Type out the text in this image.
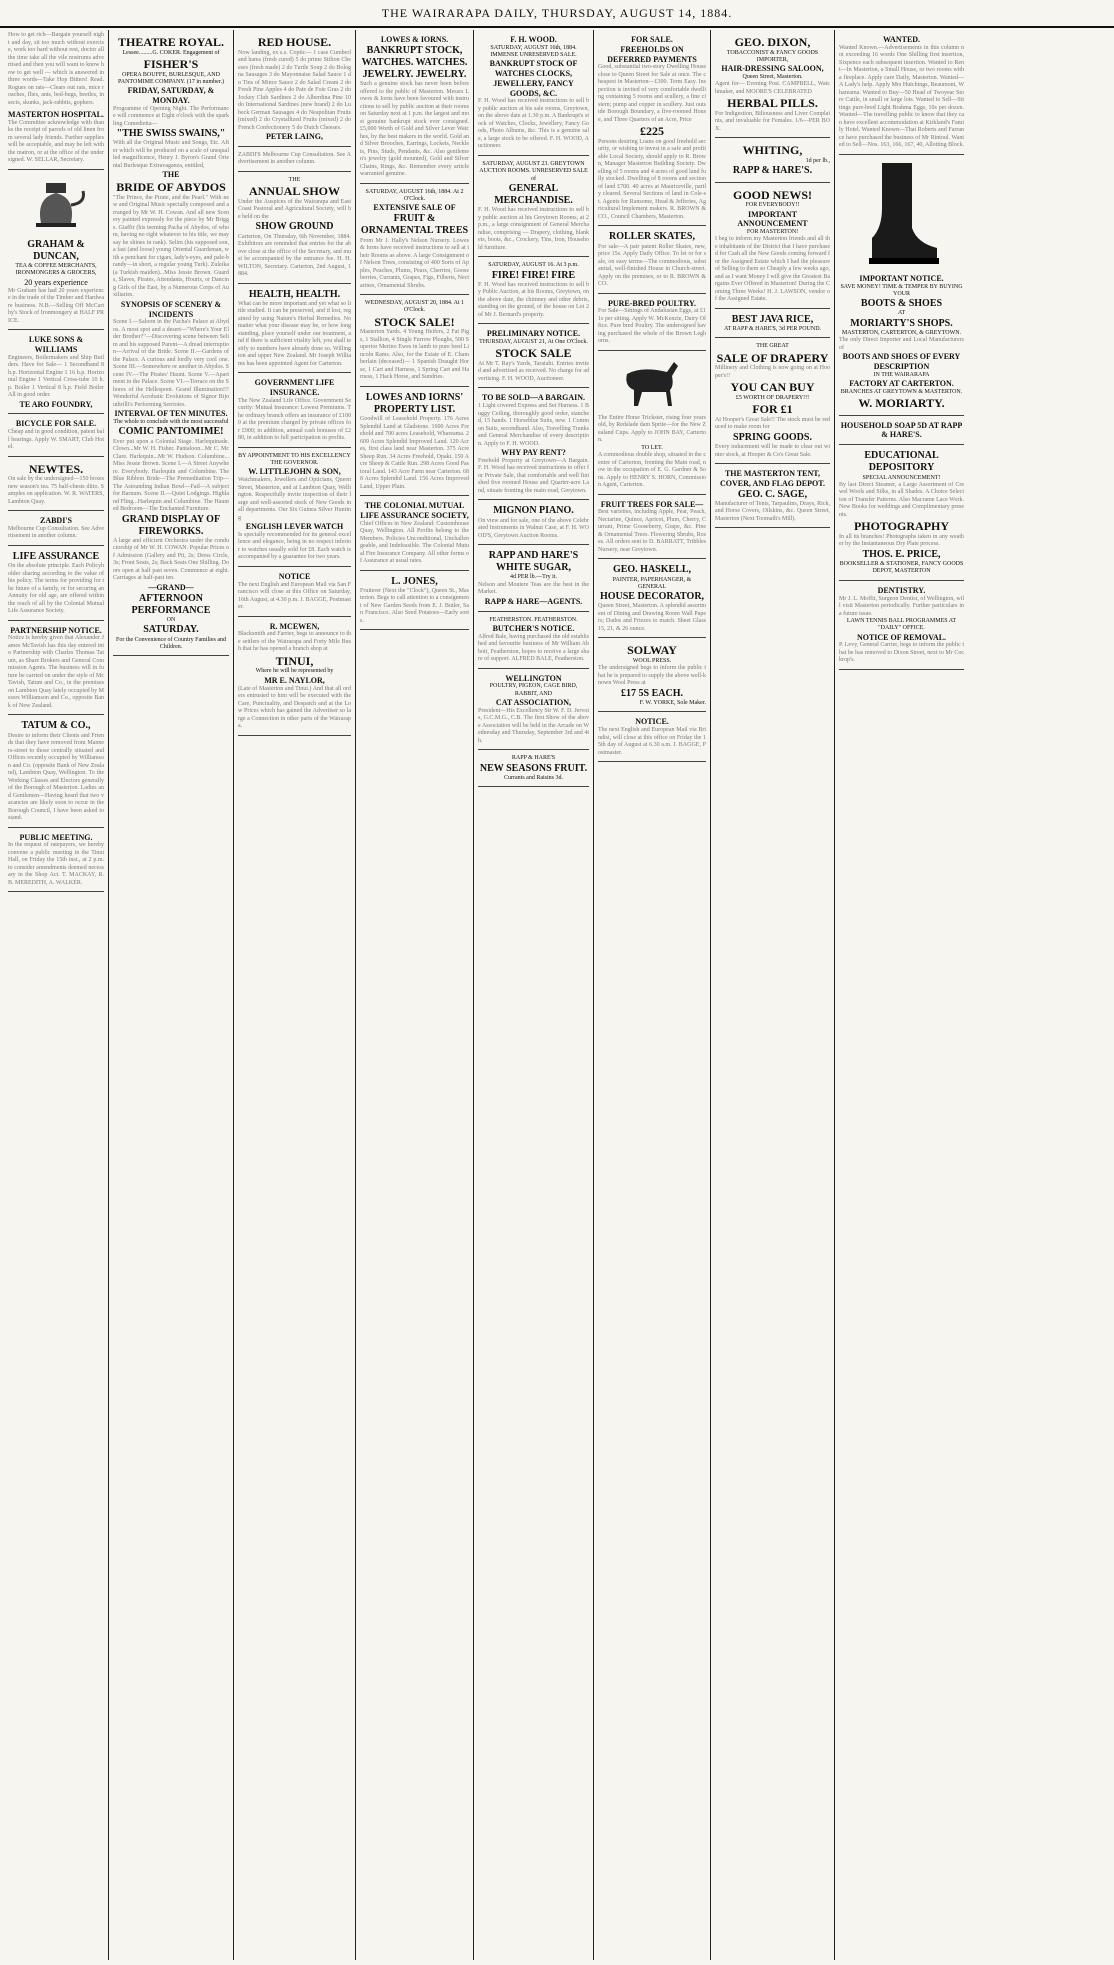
THE WAIRARAPA DAILY, THURSDAY, AUGUST 14, 1884.
How to get rich—Bargain yourself night and day, sit too much without exercise, work too hard without rest, doctor all the time take all the vile nostrums advertised and then you will want to know how to get well — which is answered in three words—Take Hop Bitters! Read. Rogues on rats—Clears out rats, mice roaches, flies, ants, bed-bugs, beetles, insects, skunks, jack-rabbits, gophers.
MASTERTON HOSPITAL.
The Committee acknowledge with thanks the receipt of parcels of old linen from several lady friends. Further supplies will be acceptable, and may be left with the matron, or at the office of the undersigned. W. SELLAR, Secretary.
GRAHAM & DUNCAN,
TEA & COFFEE MERCHANTS, IRONMONGERS & GROCERS,
20 years experience
Mr Graham has had 20 years experience in the trade of the Timber and Hardware business. N.B.—Selling Off McCarthy's Stock of Ironmongery at HALF PRICE.
LUKE SONS & WILLIAMS
Engineers, Boilermakers and Ship Builders. Have for Sale— 1 Secondhand 8 h.p. Horizontal Engine 1 16 h.p. Horizontal Engine 1 Vertical Cross-tube 10 h.p. Boiler 1 Vertical 8 h.p. Field Boiler All in good order.
TE ARO FOUNDRY,
BICYCLE FOR SALE.
Cheap and in good condition, patent ball bearings. Apply W. SMART, Club Hotel.
NEWTES.
On sale by the undersigned—150 boxes new season's tea. 75 half-chests ditto. Samples on application. W. R. WATERS, Lambton Quay.
ZABDI'S
Melbourne Cup Consultation. See Advertisement in another column.
LIFE ASSURANCE
On the absolute principle. Each Policyholder sharing according to the value of his policy. The terms for providing for the future of a family, or for securing an Annuity for old age, are offered within the reach of all by the Colonial Mutual Life Assurance Society.
PARTNERSHIP NOTICE.
Notice is hereby given that Alexander James McTavish has this day entered into Partnership with Charles Thomas Tatum, as Share Brokers and General Commission Agents. The business will in future be carried on under the style of McTavish, Tatum and Co., in the premises on Lambton Quay lately occupied by Messrs Williamson and Co., opposite Bank of New Zealand.
TATUM & CO.,
Desire to inform their Clients and Friends that they have removed from Manners-street to those centrally situated and Offices recently occupied by Williamson and Co. (opposite Bank of New Zealand), Lambton Quay, Wellington. To the Working Classes and Electors generally of the Borough of Masterton. Ladies and Gentlemen—Having heard that two vacancies are likely soon to occur in the Borough Council, I have been asked to stand.
PUBLIC MEETING.
In the request of ratepayers, we hereby convene a public meeting in the Tinui Hall, on Friday the 15th inst., at 2 p.m. to consider amendments deemed necessary in the Shop Act. T. MACKAY, R. B. MEREDITH, A. WALKER.
THEATRE ROYAL.
Lessee.........G. COKER. Engagement of
FISHER'S
OPERA BOUFFE, BURLESQUE, AND PANTOMIME COMPANY. (17 in number.)
FRIDAY, SATURDAY, & MONDAY.
Programme of Opening Night. The Performance will commence at Eight o'clock with the sparkling Comedietta—
"THE SWISS SWAINS,"
With all the Original Music and Songs, Etc. After which will be produced on a scale of unequalled magnificence, Henry J. Byron's Grand Oriental Burlesque Extravaganza, entitled,
THE
BRIDE OF ABYDOS
"The Prince, the Pirate, and the Pearl." With new and Original Music specially composed and arranged by Mr W. H. Cowan. And all new Scenery painted expressly for the piece by Mr Briggs. Giaffir (his teeming Pacha of Abydos, of whom, having no right whatever to his title, we may say he shines in rank). Selim (his supposed son, a fast (and loose) young Oriental Guardsman, with a penchant for cigars, lady's-eyes, and pale-brandy—in short, a regular young Turk). Zuleika (a Turkish maiden)...Miss Jessie Brown. Guards, Slaves, Pirates, Attendants, Houris, or Dancing Girls of the East, by a Numerous Corps of Auxiliaries.
SYNOPSIS OF SCENERY & INCIDENTS
Scene I.—Saloon in the Pacha's Palace at Abydos. A most spot and a desert—"Where's Your Elder Brother?"—Discovering scene between Selim and his supposed Parent—A dread interruption—Arrival of the Bride. Scene II.—Gardens of the Palace. A curious and lordly very cool one. Scene III.—Somewhere or another in Abydos. Scene IV.—The Pirates' Haunt. Scene V.—Apartment in the Palace. Scene VI.—Terrace on the Shores of the Hellespont. Grand Illumination!!! Wonderful Acrobatic Evolutions of Signor Bijouthrilli's Performing Serriotes.
INTERVAL OF TEN MINUTES.
The whole to conclude with the most successful
COMIC PANTOMIME!
Ever put upon a Colonial Stage. Harlequinade. Clown...Mr W. H. Fisher. Pantaloon...Mr C. Mc Clare. Harlequin...Mr W. Hudson. Columbine...Miss Jessie Brown. Scene I.—A Street Anywhere. Everybody. Harlequin and Columbine. The Blue Ribbon Bride—The Premeditation Trip—The Astounding Indian Bowl—Fail—A subject for Barnum. Scene II.—Quiet Lodgings. Highland Fling...Harlequin and Columbine. The Haunted Bedroom—The Enchanted Furniture.
GRAND DISPLAY OF FIREWORKS.
A large and efficient Orchestra under the conductorship of Mr W. H. COWAN. Popular Prices of Admission (Gallery and Pit, 2s; Dress Circle, 3s; Front Seats, 2s; Back Seats One Shilling. Doors open at half past seven. Commence at eight. Carriages at half-past ten.
—GRAND—
AFTERNOON PERFORMANCE
ON
SATURDAY.
For the Convenience of Country Families and Children.
RED HOUSE.
Now landing, ex s.s. Coptic— 1 case Cumberland hams (fresh cured) 5 do prime Stilton Cheeses (fresh made) 2 do Turtle Soup 2 do Bologna Sausages 3 do Mayonnaise Salad Sauce 1 do Tins of Mince Sauce 2 do Salad Cream 2 do Fresh Pine Apples 4 do Pate de Foie Gras 2 do Jockey Club Sardines 2 do Alberdina Pine 10 do International Sardines (new brand) 2 do Lubeck German Sausages 4 do Neapolitan Fruits (mixed) 2 do Crystallized Fruits (mixed) 2 do French Confectionery 5 do Dutch Cheeses.
PETER LAING,
ZABDI'S Melbourne Cup Consultation. See Advertisement in another column.
THE
ANNUAL SHOW
Under the Auspices of the Wairarapa and East Coast Pastoral and Agricultural Society, will be held on the
SHOW GROUND
Carterton, On Thursday, 6th November, 1884. Exhibitors are reminded that entries for the above close at the office of the Secretary, and must be accompanied by the entrance fee. H. H. WILTON, Secretary. Carterton, 2nd August, 1884.
HEALTH, HEALTH.
What can be more important and yet what so little studied. It can be preserved, and if lost, regained by using Nature's Herbal Remedies. No matter what your disease may be, or how long standing, place yourself under our treatment, and if there is sufficient vitality left, you shall testify to numbers have already done so. Willington and upper New Zealand. Mr Joseph Williams has been appointed Agent for Carterton.
GOVERNMENT LIFE INSURANCE.
The New Zealand Life Office. Government Security: Mutual Insurance: Lowest Premiums. The ordinary branch offers an insurance of £1000 at the premium charged by private offices for £900; in addition, annual cash bonuses of £280, in addition to full participation in profits.
BY APPOINTMENT TO HIS EXCELLENCY THE GOVERNOR.
W. LITTLEJOHN & SON,
Watchmakers, Jewellers and Opticians, Queen Street, Masterton, and at Lambton Quay, Wellington. Respectfully invite inspection of their large and well-assorted stock of New Goods in all departments. Our Six Guinea Silver Hunting
ENGLISH LEVER WATCH
Is specially recommended for its general excellence and elegance, being in no respect inferior to watches usually sold for £8. Each watch is accompanied by a guarantee for two years.
NOTICE
The next English and European Mail via San Francisco will close at this Office on Saturday, 16th August, at 4.30 p.m. J. BAGGE, Postmaster.
R. MCEWEN,
Blacksmith and Farrier, begs to announce to the settlers of the Wairarapa and Forty Mile Bush that he has opened a branch shop at
TINUI,
Where he will be represented by
MR E. NAYLOR,
(Late of Masterton and Tinui.) And that all orders entrusted to him will be executed with the Care, Punctuality, and Despatch and at the Low Prices which has gained the Advertiser so large a Connection in other parts of the Wairarapa.
LOWES & IORNS.
BANKRUPT STOCK,
WATCHES. WATCHES.
JEWELRY. JEWELRY.
Such a genuine stock has never been before offered to the public of Masterton. Messrs Lowes & Iorns have been favoured with instructions to sell by public auction at their rooms on Saturday next at 1 p.m. the largest and most genuine bankrupt stock ever consigned. £5,000 Worth of Gold and Silver Lever Watches, by the best makers in the world. Gold and Silver Brooches, Earrings, Lockets, Necklets, Pins, Studs, Pendants, &c. Also gentlemen's jewelry (gold mounted), Gold and Silver Chains, Rings, &c. Remember every article warranted genuine.
SATURDAY, AUGUST 16th, 1884. At 2 O'Clock.
EXTENSIVE SALE OF
FRUIT & ORNAMENTAL TREES
From Mr J. Hally's Nelson Nursery. Lowes & Iorns have received instructions to sell at their Rooms as above. A large Consignment of Nelson Trees, consisting of 400 Sorts of Apples, Peaches, Plums, Pears, Cherries, Gooseberries, Currants, Grapes, Figs, Filberts, Nectarines, Ornamental Shrubs.
WEDNESDAY, AUGUST 20, 1884. At 1 O'Clock.
STOCK SALE!
Masterton Yards. 4 Young Heifers, 2 Fat Pigs, 1 Stallion, 4 Single Furrow Ploughs, 500 Superior Merino Ewes in lamb to pure bred Lincoln Rams. Also, for the Estate of E. Chamberlain (deceased)— 1 Spanish Draught Horse, 1 Cart and Harness, 1 Spring Cart and Harness, 1 Hack Horse, and Sundries.
LOWES AND IORNS' PROPERTY LIST.
Goodwill of Leasehold Property. 176 Acres Splendid Land at Gladstone. 1600 Acres Freehold and 700 acres Leasehold, Whareama. 2609 Acres Splendid Improved Land. 120 Acres, first class land near Masterton. 375 Acre Sheep Run. 34 Acres Freehold, Opaki. 150 Acre Sheep & Cattle Run. 298 Acres Good Pastoral Land. 143 Acre Farm near Carterton. 688 Acres Splendid Land. 156 Acres Improved Land, Upper Plain.
THE COLONIAL MUTUAL LIFE ASSURANCE SOCIETY,
Chief Offices in New Zealand: Customhouse Quay, Wellington. All Profits belong to the Members. Policies Unconditional, Unchallengeable, and Indefeasible. The Colonial Mutual Fire Insurance Company. All other forms of Assurance at usual rates.
L. JONES,
Fruiterer (Next the "Clock"), Queen St., Masterton. Begs to call attention to a consignment of New Garden Seeds from E. J. Butler, San Francisco. Also Seed Potatoes—Early sorts.
F. H. WOOD.
SATURDAY, AUGUST 16th, 1884.
IMMENSE UNRESERVED SALE.
BANKRUPT STOCK OF WATCHES CLOCKS, JEWELLERY, FANCY GOODS, &C.
F. H. Wood has received instructions to sell by public auction at his sale rooms, Greytown, on the above date at 1.30 p.m. A Bankrupt's stock of Watches, Clocks, Jewellery, Fancy Goods, Photo Albums, &c. This is a genuine sale, a large stock to be offered. F. H. WOOD, Auctioneer.
SATURDAY, AUGUST 23. GREYTOWN AUCTION ROOMS. UNRESERVED SALE of
GENERAL MERCHANDISE.
F. H. Wood has received instructions to sell by public auction at his Greytown Rooms, at 2 p.m., a large consignment of General Merchandise, comprising — Drapery, clothing, blankets, boots, &c., Crockery, Tins, Iron, Household furniture.
SATURDAY, AUGUST 16. At 3 p.m.
FIRE! FIRE! FIRE
F. H. Wood has received instructions to sell by Public Auction, at his Rooms, Greytown, on the above date, the chimney and other debris, standing on the ground, of the house on Lot 2 of Mr J. Bernard's property.
PRELIMINARY NOTICE.
THURSDAY, AUGUST 21, At One O'Clock.
STOCK SALE
At Mr T. Ray's Yards, Taratahi. Entries invited and advertised as received. No charge for advertising. F. H. WOOD, Auctioneer.
TO BE SOLD—A BARGAIN.
1 Light covered Express and Set Harness. 1 Buggy Ceiling, thoroughly good order, stanched, 15 hands. 1 Horseblue Suits, new. 1 Common Suits, secondhand. Also, Travelling Trunks and General Merchandise of every description. Apply to F. H. WOOD.
WHY PAY RENT?
Freehold Property at Greytown—A Bargain. F. H. Wood has received instructions to offer for Private Sale, that comfortable and well finished five roomed House and Quarter-acre Land, situate fronting the main road, Greytown.
MIGNON PIANO.
On view and for sale, one of the above Celebrated Instruments in Walnut Case, at F. H. WOOD'S, Greytown Auction Rooms.
RAPP AND HARE'S
WHITE SUGAR,
4d PER lb.—Try it.
Nelson and Moutere Teas are the best in the Market.
RAPP & HARE—AGENTS.
FEATHERSTON. FEATHERSTON.
BUTCHER'S NOTICE.
Alfred Bale, having purchased the old established and favourite business of Mr William Abbott, Featherston, hopes to receive a large share of support. ALFRED BALE, Featherston.
WELLINGTON
POULTRY, PIGEON, CAGE BIRD, RABBIT, AND
CAT ASSOCIATION,
President—His Excellency Sir W. F. D. Jervois, G.C.M.G., C.B. The first Show of the above Association will be held in the Arcade on Wednesday and Thursday, September 3rd and 4th.
RAPP & HARE'S
NEW SEASONS FRUIT.
Currants and Raisins 3d.
FOR SALE.
FREEHOLDS ON DEFERRED PAYMENTS
Good, substantial two-story Dwelling House close to Queen Street for Sale at once. The cheapest in Masterton—£300. Term Easy. Inspection is invited of very comfortable dwelling containing 5 rooms and scullery, a fine cistern; pump and copper in scullery. Just outside Borough Boundary, a five-roomed House, and Three Quarters of an Acre, Price
£225
Persons desiring Loans on good freehold security, or wishing to invest in a safe and profitable Local Society, should apply to R. Brown, Manager Masterton Building Society. Dwelling of 5 rooms and 4 acres of good land fully stocked. Dwelling of 8 rooms and section of land £700. 40 acres at Mauriceville, partly cleared. Several Sections of land in Cole-st. Agents for Ransome, Head & Jefferies, Agricultural Implement makers. R. BROWN & CO., Council Chambers, Masterton.
ROLLER SKATES,
For sale—A pair patent Roller Skates, new, price 15s. Apply Daily Office. To let or for sale, on easy terms—The commodious, substantial, well-finished House in Church-street. Apply on the premises, or to R. BROWN & CO.
PURE-BRED POULTRY.
For Sale—Sittings of Andalusian Eggs, at £1 1s per sitting. Apply W. McKenzie, Dairy Office. Pure bred Poultry. The undersigned having purchased the whole of the Brown Leghorns.
The Entire Horse Trickster, rising four years old, by Redslade dam Sprite—for the New Zealand Cups. Apply to JOHN BAY, Carterton.
TO LET.
A commodious double shop, situated in the centre of Carterton, fronting the Main road, now in the occupation of E. G. Gardner & Sons. Apply to HENRY S. HORN, Commission Agent, Carterton.
FRUIT TREES FOR SALE—
Best varieties, including Apple, Pear, Peach, Nectarine, Quince, Apricot, Plum, Cherry, Currant, Prime Gooseberry, Grape, &c. Pine & Ornamental Trees. Flowering Shrubs, Roses. All orders sent to D. BARRATT, Tribbles Nursery, near Greytown.
GEO. HASKELL,
PAINTER, PAPERHANGER, & GENERAL
HOUSE DECORATOR,
Queen Street, Masterton. A splendid assortment of Dining and Drawing Room Wall Papers; Dados and Friezes to match. Sheet Glass 15, 21, & 26 ounce.
SOLWAY
WOOL PRESS.
The undersigned begs to inform the public that he is prepared to supply the above well-known Wool Press at
£17 5S EACH.
F. W. YORKE, Sole Maker.
NOTICE.
The next English and European Mail via Brindisi, will close at this office on Friday the 15th day of August at 6.30 a.m. J. BAGGE, Postmaster.
GEO. DIXON,
TOBACCONIST & FANCY GOODS IMPORTER,
HAIR-DRESSING SALOON,
Queen Street, Masterton.
Agent for— Evening Post. CAMPBELL, Watchmaker, and MOORE'S CELEBRATED
HERBAL PILLS.
For Indigestion, Biliousness and Liver Complaints, and invaluable for Females. 1/6—PER BOX.
WHITING,
1d per lb.,
RAPP & HARE'S.
GOOD NEWS!
FOR EVERYBODY!!
IMPORTANT ANNOUNCEMENT
FOR MASTERTON!
I beg to inform my Masterton friends and all the inhabitants of the District that I have purchased for Cash all the New Goods coming forward for the Assigned Estate which I had the pleasure of Selling to them so Cheaply a few weeks ago, and as I want Money I will give the Greatest Bargains Ever Offered in Masterton! During the Coming Three Weeks! H. J. LAWSON, vendor of the Assigned Estate.
BEST JAVA RICE,
AT RAPP & HARE'S, 3d PER POUND.
THE GREAT
SALE OF DRAPERY
Millinery and Clothing is now going on at Hooper's!!
YOU CAN BUY
£5 WORTH OF DRAPERY!!!
FOR £1
At Hooper's Great Sale!! The stock must be reduced to make room for
SPRING GOODS.
Every inducement will be made to clear out winter stock, at Hooper & Co's Great Sale.
THE MASTERTON TENT, COVER, AND FLAG DEPOT.
GEO. C. SAGE,
Manufacturer of Tents, Tarpaulins, Drays, Rick, and Horse Covers, Oilskins, &c. Queen Street, Masterton (Next Toomath's Mill).
WANTED.
Wanted Known.—Advertisements in this column not exceeding 16 words One Shilling first insertion, Sixpence each subsequent insertion. Wanted to Rent—In Masterton, a Small House, or two rooms with a fireplace. Apply care Daily, Masterton. Wanted—A Lady's help. Apply Mrs Hutchings, Beaumont, Whareama. Wanted to Buy—50 Head of Twoyear Store Cattle, in small or large lots. Wanted to Sell—Sittings pure-bred Light Brahma Eggs, 10s per dozen. Wanted—The travelling public to know that they can have excellent accommodation at Kirkland's Family Hotel. Wanted Known—That Roberts and Farrance have purchased the business of Mr Rintoul. Wanted to Sell—Nos. 163, 166, 167, 40, Allotting Block.
IMPORTANT NOTICE.
SAVE MONEY! TIME & TEMPER BY BUYING YOUR
BOOTS & SHOES
AT
MORIARTY'S SHOPS.
MASTERTON, CARTERTON, & GREYTOWN.
The only Direct Importer and Local Manufacturers of
BOOTS AND SHOES OF EVERY DESCRIPTION
IN THE WAIRARAPA
FACTORY AT CARTERTON.
BRANCHES AT GREYTOWN & MASTERTON.
W. MORIARTY.
HOUSEHOLD SOAP 5D AT RAPP & HARE'S.
EDUCATIONAL DEPOSITORY
SPECIAL ANNOUNCEMENT!
By last Direct Steamer, a Large Assortment of Crewel Wools and Silks, in all Shades. A Choice Selection of Transfer Patterns. Also Macrame Lace Work. New Books for weddings and Complimentary presents.
PHOTOGRAPHY
In all its branches! Photographs taken in any weather by the Instantaneous Dry Plate process.
THOS. E. PRICE,
BOOKSELLER & STATIONER, FANCY GOODS DEPOT, MASTERTON
DENTISTRY.
Mr J. L. Moffit, Surgeon Dentist, of Wellington, will visit Masterton periodically. Further particulars in a future issue.
LAWN TENNIS BALL PROGRAMMES AT "DAILY" OFFICE.
NOTICE OF REMOVAL.
P. Levy, General Carrier, begs to inform the public that he has removed to Dixon Street, next to Mr Cockrop's.
